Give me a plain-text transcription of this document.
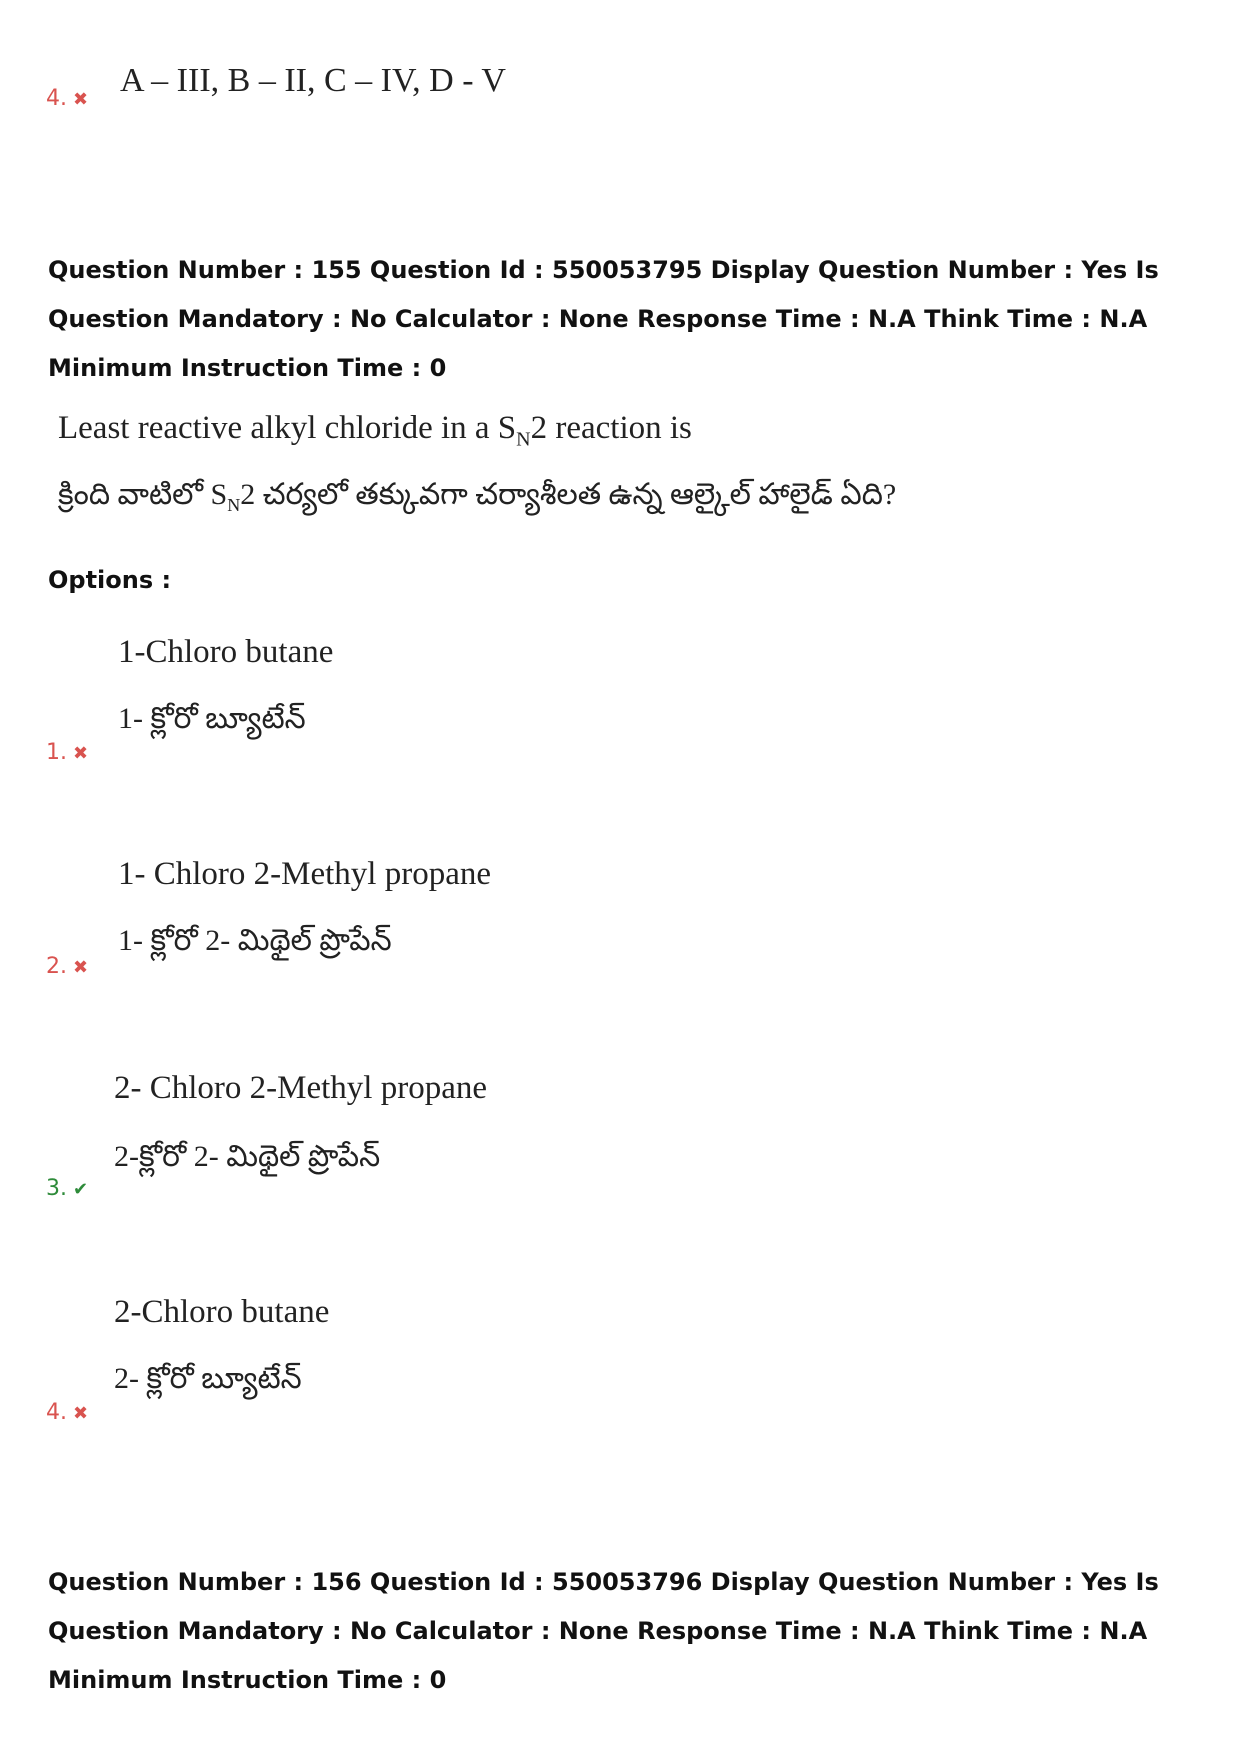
4. ✖
A – III, B – II, C – IV, D - V
Question Number : 155 Question Id : 550053795 Display Question Number : Yes Is Question Mandatory : No Calculator : None Response Time : N.A Think Time : N.A Minimum Instruction Time : 0
Least reactive alkyl chloride in a $S_N2$ reaction is
క్రింది వాటిలో $S_N2$ చర్యలో తక్కువగా చర్యాశీలత ఉన్న ఆల్కైల్ హాలైడ్ ఏది?
Options :
1-Chloro butane
1- క్లోరో బ్యూటేన్
1. ✖
1- Chloro 2-Methyl propane
1- క్లోరో 2- మిథైల్ ప్రొపేన్
2. ✖
2- Chloro 2-Methyl propane
2-క్లోరో 2- మిథైల్ ప్రొపేన్
3. ✔
2-Chloro butane
2- క్లోరో బ్యూటేన్
4. ✖
Question Number : 156 Question Id : 550053796 Display Question Number : Yes Is Question Mandatory : No Calculator : None Response Time : N.A Think Time : N.A Minimum Instruction Time : 0
